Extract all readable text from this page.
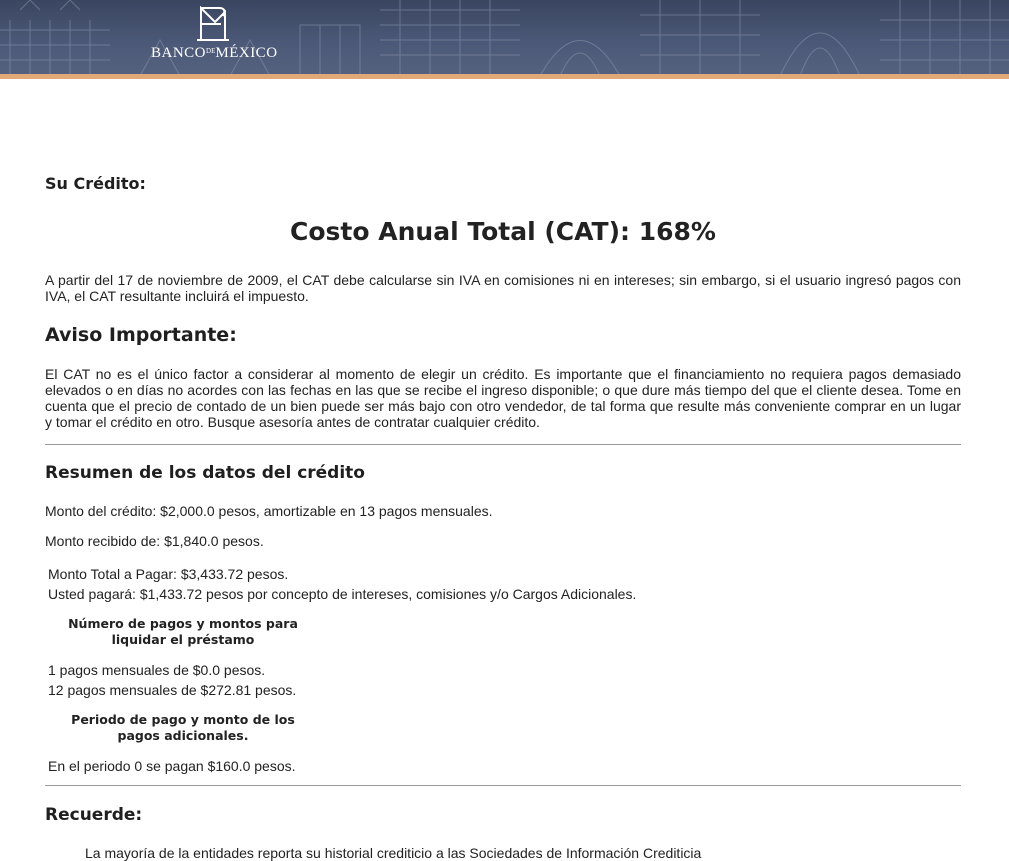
$BANCO^{DE}MÉXICO$
Su Crédito:
Costo Anual Total (CAT): 168%

A partir del 17 de noviembre de 2009, el CAT debe calcularse sin IVA en comisiones ni en intereses; sin embargo, si el usuario ingresó pagos con IVA, el CAT resultante incluirá el impuesto.

Aviso Importante:

El CAT no es el único factor a considerar al momento de elegir un crédito. Es importante que el financiamiento no requiera pagos demasiado elevados o en días no acordes con las fechas en las que se recibe el ingreso disponible; o que dure más tiempo del que el cliente desea. Tome en cuenta que el precio de contado de un bien puede ser más bajo con otro vendedor, de tal forma que resulte más conveniente comprar en un lugar y tomar el crédito en otro. Busque asesoría antes de contratar cualquier crédito.

Resumen de los datos del crédito
Monto del crédito: $2,000.0 pesos, amortizable en 13 pagos mensuales.
Monto recibido de: $1,840.0 pesos.
Monto Total a Pagar: $3,433.72 pesos.
Usted pagará: $1,433.72 pesos por concepto de intereses, comisiones y/o Cargos Adicionales.
Número de pagos y montos para liquidar el préstamo
1 pagos mensuales de $0.0 pesos.
12 pagos mensuales de $272.81 pesos.
Periodo de pago y monto de los pagos adicionales.
En el periodo 0 se pagan $160.0 pesos.
Recuerde:
La mayoría de la entidades reporta su historial crediticio a las Sociedades de Información Crediticia
